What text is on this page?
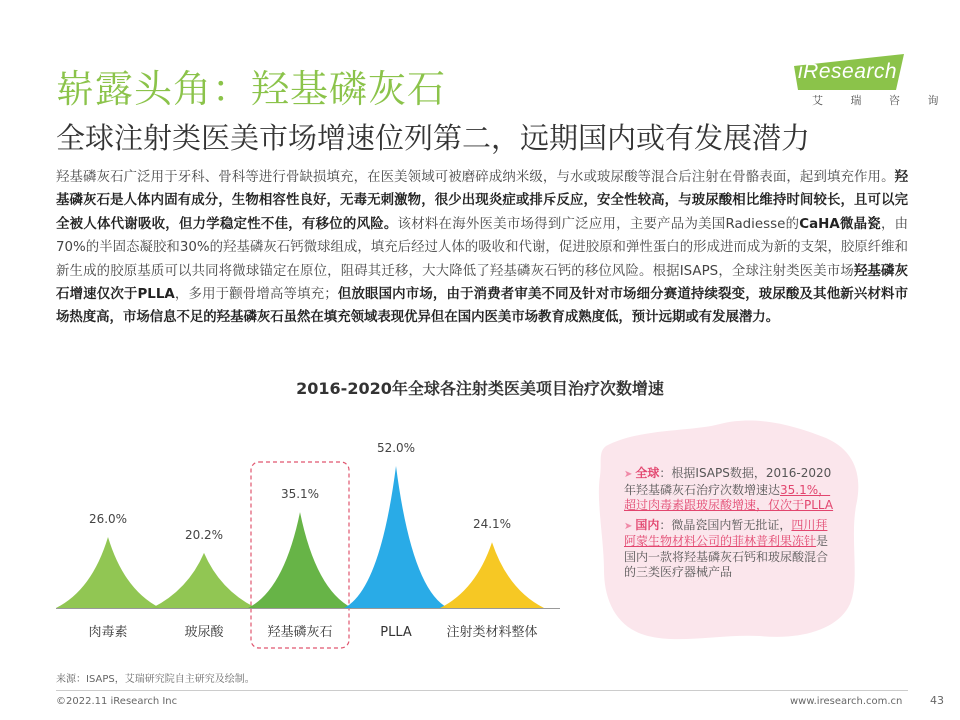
崭露头角：羟基磷灰石
全球注射类医美市场增速位列第二，远期国内或有发展潜力
iResearch
艾 瑞 咨 询
羟基磷灰石广泛用于牙科、骨科等进行骨缺损填充，在医美领域可被磨碎成纳米级，与水或玻尿酸等混合后注射在骨骼表面，起到填充作用。羟基磷灰石是人体内固有成分，生物相容性良好，无毒无刺激物，很少出现炎症或排斥反应，安全性较高，与玻尿酸相比维持时间较长，且可以完全被人体代谢吸收，但力学稳定性不佳，有移位的风险。该材料在海外医美市场得到广泛应用，主要产品为美国Radiesse的CaHA微晶瓷，由70%的半固态凝胶和30%的羟基磷灰石钙微球组成，填充后经过人体的吸收和代谢，促进胶原和弹性蛋白的形成进而成为新的支架，胶原纤维和新生成的胶原基质可以共同将微球锚定在原位，阻碍其迁移，大大降低了羟基磷灰石钙的移位风险。根据ISAPS，全球注射类医美市场羟基磷灰石增速仅次于PLLA，多用于颧骨增高等填充；但放眼国内市场，由于消费者审美不同及针对市场细分赛道持续裂变，玻尿酸及其他新兴材料市场热度高，市场信息不足的羟基磷灰石虽然在填充领域表现优异但在国内医美市场教育成熟度低，预计远期或有发展潜力。
2016-2020年全球各注射类医美项目治疗次数增速
26.0%
肉毒素
20.2%
玻尿酸
35.1%
羟基磷灰石
52.0%
PLLA
24.1%
注射类材料整体

➤ 全球：根据ISAPS数据，2016-2020年羟基磷灰石治疗次数增速达35.1%，超过肉毒素跟玻尿酸增速，仅次于PLLA

➤ 国内：微晶瓷国内暂无批证，四川拜阿蒙生物材料公司的菲林普利果冻针是国内一款将羟基磷灰石钙和玻尿酸混合的三类医疗器械产品

来源：ISAPS，艾瑞研究院自主研究及绘制。
©2022.11 iResearch Inc	www.iresearch.com.cn	43
